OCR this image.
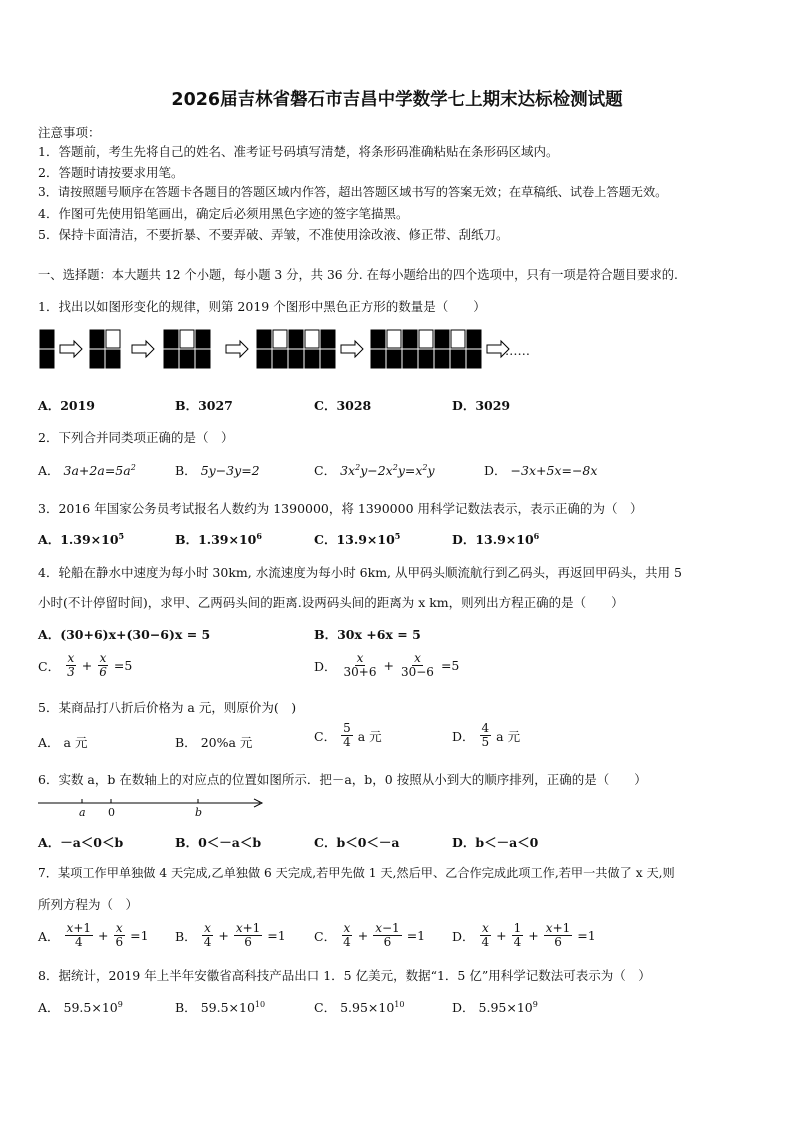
2026届吉林省磐石市吉昌中学数学七上期末达标检测试题
注意事项：
1．答题前，考生先将自己的姓名、准考证号码填写清楚，将条形码准确粘贴在条形码区域内。
2．答题时请按要求用笔。
3．请按照题号顺序在答题卡各题目的答题区域内作答，超出答题区域书写的答案无效；在草稿纸、试卷上答题无效。
4．作图可先使用铅笔画出，确定后必须用黑色字迹的签字笔描黑。
5．保持卡面清洁，不要折暴、不要弄破、弄皱，不准使用涂改液、修正带、刮纸刀。
一、选择题：本大题共 12 个小题，每小题 3 分，共 36 分. 在每小题给出的四个选项中，只有一项是符合题目要求的.
1．找出以如图形变化的规律，则第 2019 个图形中黑色正方形的数量是（　　）
……
A．2019	B．3027	C．3028	D．3029
2．下列合并同类项正确的是（　）
A． $3a+2a=5a^2$	B． 5y−3y=2	C． $3x^2y-2x^2y=x^2y$	D． −3x+5x=−8x
3．2016 年国家公务员考试报名人数约为 1390000，将 1390000 用科学记数法表示，表示正确的为（　）
A．$1.39\times 10^5$	B．$1.39\times 10^6$	C．$13.9\times 10^5$	D．$13.9\times 10^6$
4．轮船在静水中速度为每小时 30km, 水流速度为每小时 6km, 从甲码头顺流航行到乙码头，再返回甲码头，共用 5
小时(不计停留时间)，求甲、乙两码头间的距离.设两码头间的距离为 x km，则列出方程正确的是（　　）
A．(30+6)x+(30−6)x = 5	B．30x +6x = 5
C． $\frac{x}{3} + \frac{x}{6} =5$	D． $\frac{x}{30+6} + \frac{x}{30-6} =5$
5．某商品打八折后价格为 a 元，则原价为(　)
A． a 元	B． 20%a 元	C． $\frac{5}{4}$ a 元	D． $\frac{4}{5}$ a 元
6．实数 a，b 在数轴上的对应点的位置如图所示．把－a，b，0 按照从小到大的顺序排列，正确的是（　　）
a 0	b
A．－a＜0＜b	B．0＜－a＜b	C．b＜0＜－a	D．b＜－a＜0
7．某项工作甲单独做 4 天完成,乙单独做 6 天完成,若甲先做 1 天,然后甲、乙合作完成此项工作,若甲一共做了 x 天,则
所列方程为（　）
A． $\frac{x+1}{4} + \frac{x}{6} =1$ B． $\frac{x}{4} + \frac{x+1}{6} =1$ C． $\frac{x}{4} + \frac{x-1}{6} =1$ D． $\frac{x}{4} + \frac{1}{4} + \frac{x+1}{6} =1$
8．据统计，2019 年上半年安徽省高科技产品出口 1．5 亿美元，数据“1．5 亿”用科学记数法可表示为（　）
A． $59.5\times 10^9$	B． $59.5\times 10^{10}$	C． $5.95\times 10^{10}$	D． $5.95\times 10^9$
